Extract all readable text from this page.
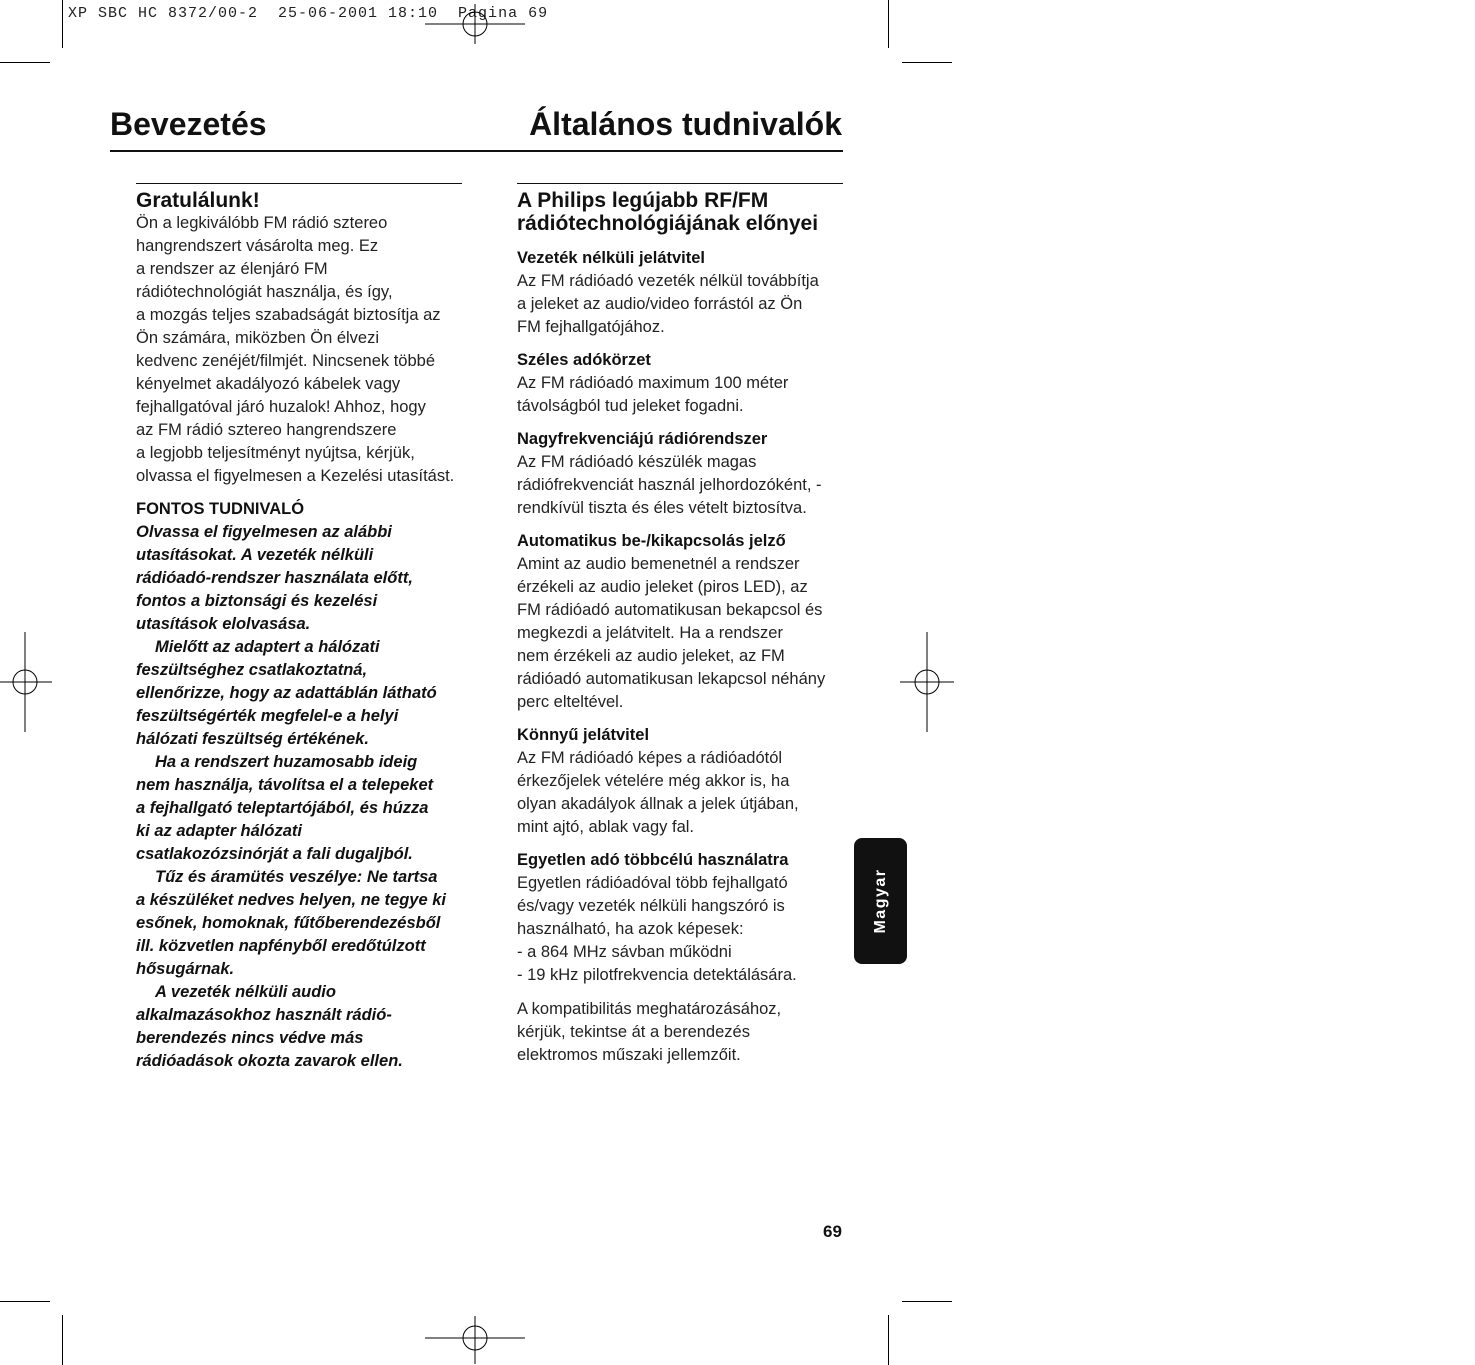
XP SBC HC 8372/00-2  25-06-2001 18:10  Pagina 69
Bevezetés	Általános tudnivalók
Gratulálunk!

Ön a legkiválóbb FM rádió sztereo
hangrendszert vásárolta meg. Ez
a rendszer az élenjáró FM
rádiótechnológiát használja, és így,
a mozgás teljes szabadságát biztosítja az
Ön számára, miközben Ön élvezi
kedvenc zenéjét/filmjét. Nincsenek többé
kényelmet akadályozó kábelek vagy
fejhallgatóval járó huzalok! Ahhoz, hogy
az FM rádió sztereo hangrendszere
a legjobb teljesítményt nyújtsa, kérjük,
olvassa el figyelmesen a Kezelési utasítást.

FONTOS TUDNIVALÓ

Olvassa el figyelmesen az alábbi
utasításokat. A vezeték nélküli
rádióadó-rendszer használata előtt,
fontos a biztonsági és kezelési
utasítások elolvasása.

Mielőtt az adaptert a hálózati
feszültséghez csatlakoztatná,
ellenőrizze, hogy az adattáblán látható
feszültségérték megfelel-e a helyi
hálózati feszültség értékének.

Ha a rendszert huzamosabb ideig
nem használja, távolítsa el a telepeket
a fejhallgató teleptartójából, és húzza
ki az adapter hálózati
csatlakozózsinórját a fali dugaljból.

Tűz és áramütés veszélye: Ne tartsa
a készüléket nedves helyen, ne tegye ki
esőnek, homoknak, fűtőberendezésből
ill. közvetlen napfényből eredőtúlzott
hősugárnak.

A vezeték nélküli audio
alkalmazásokhoz használt rádió-
berendezés nincs védve más
rádióadások okozta zavarok ellen.

A Philips legújabb RF/FM
rádiótechnológiájának előnyei

Vezeték nélküli jelátvitel

Az FM rádióadó vezeték nélkül továbbítja
a jeleket az audio/video forrástól az Ön
FM fejhallgatójához.

Széles adókörzet

Az FM rádióadó maximum 100 méter
távolságból tud jeleket fogadni.

Nagyfrekvenciájú rádiórendszer

Az FM rádióadó készülék magas
rádiófrekvenciát használ jelhordozóként, -
rendkívül tiszta és éles vételt biztosítva.

Automatikus be-/kikapcsolás jelző

Amint az audio bemenetnél a rendszer
érzékeli az audio jeleket (piros LED), az
FM rádióadó automatikusan bekapcsol és
megkezdi a jelátvitelt. Ha a rendszer
nem érzékeli az audio jeleket, az FM
rádióadó automatikusan lekapcsol néhány
perc elteltével.

Könnyű jelátvitel

Az FM rádióadó képes a rádióadótól
érkezőjelek vételére még akkor is, ha
olyan akadályok állnak a jelek útjában,
mint ajtó, ablak vagy fal.

Egyetlen adó többcélú használatra

Egyetlen rádióadóval több fejhallgató
és/vagy vezeték nélküli hangszóró is
használható, ha azok képesek:
- a 864 MHz sávban működni
- 19 kHz pilotfrekvencia detektálására.

A kompatibilitás meghatározásához,
kérjük, tekintse át a berendezés
elektromos műszaki jellemzőit.

Magyar
69
